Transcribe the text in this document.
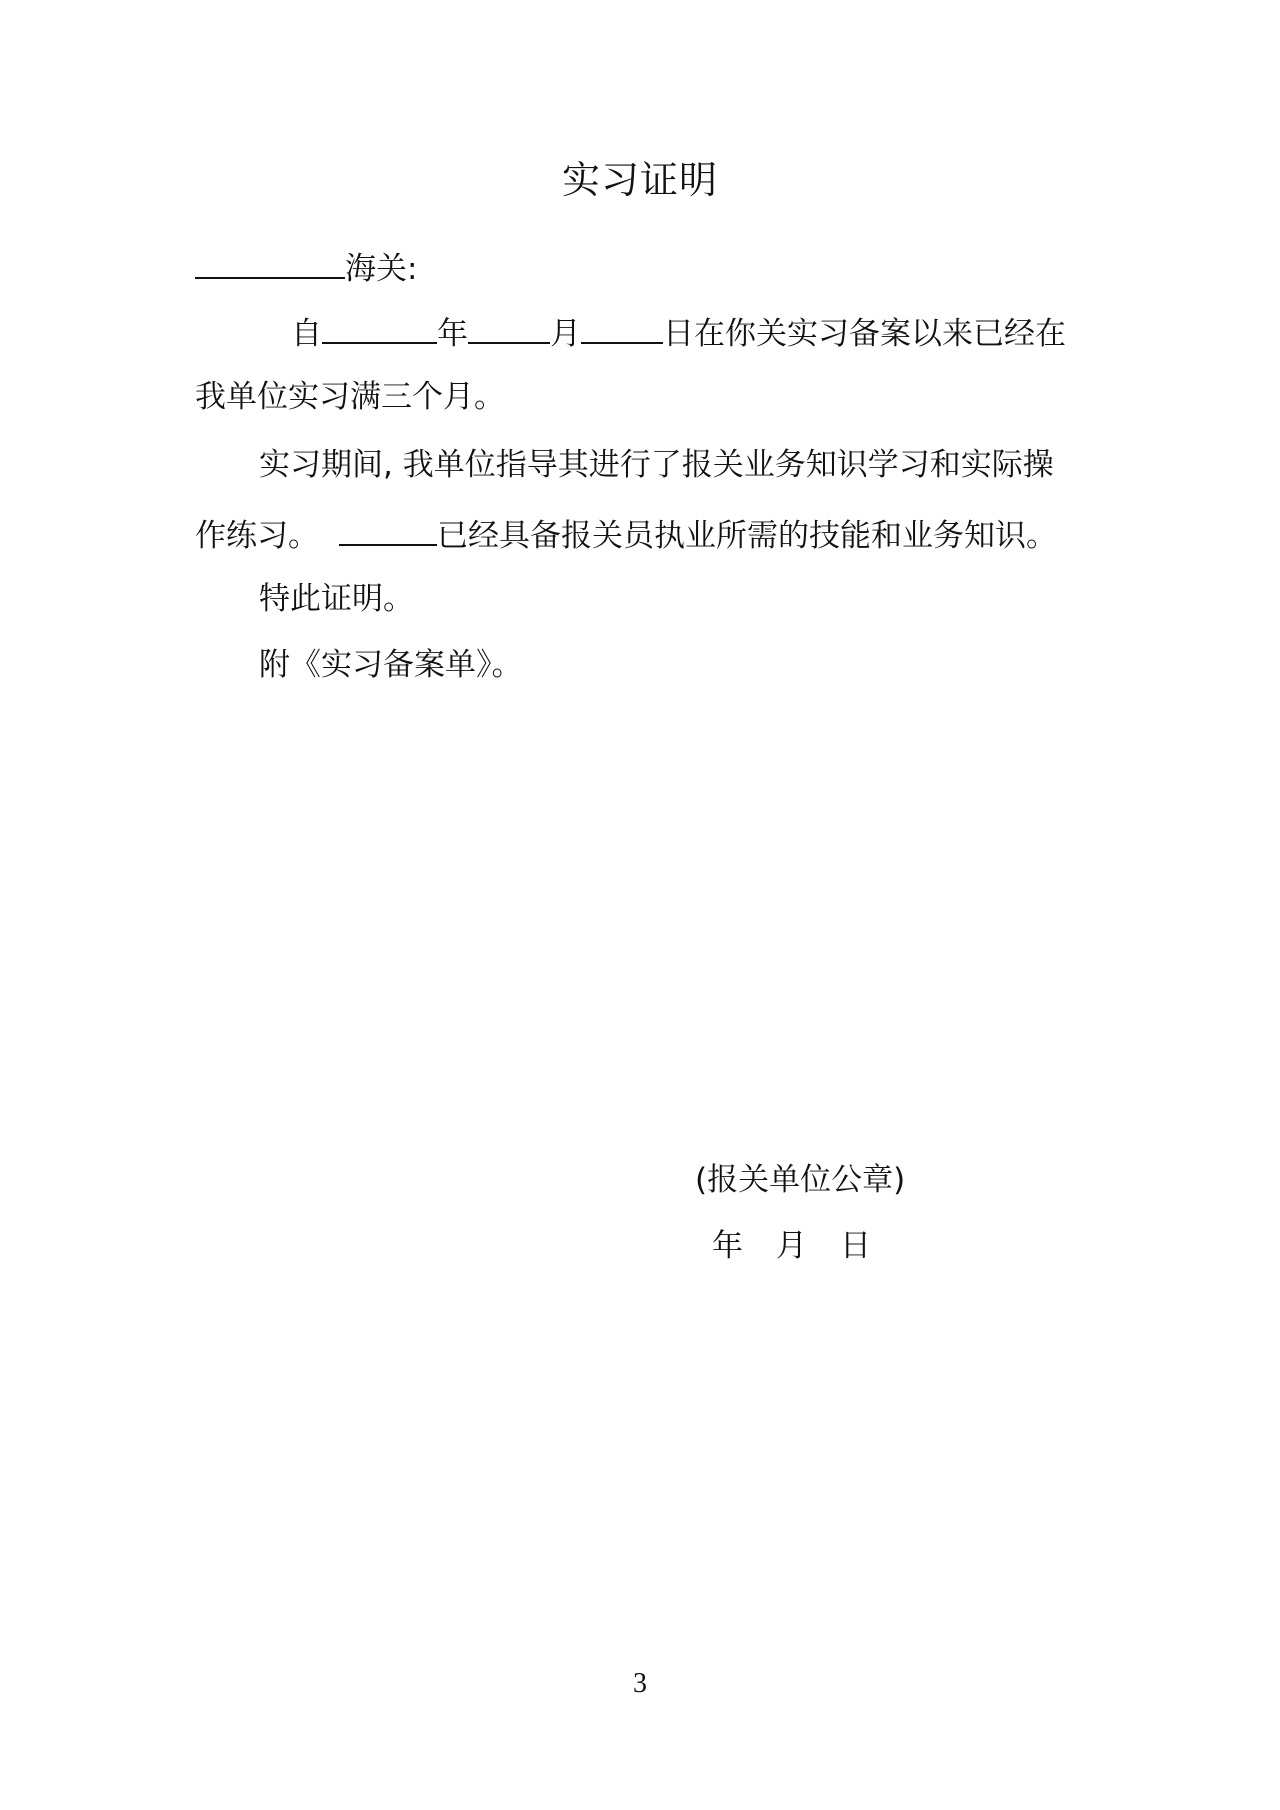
实习证明
海关:
自	年	月	日在你关实习备案以来已经在
我单位实习满三个月。
实习期间, 我单位指导其进行了报关业务知识学习和实际操
作练习。	已经具备报关员执业所需的技能和业务知识。
特此证明。
附《实习备案单》。
(报关单位公章)
年 月 日
3
